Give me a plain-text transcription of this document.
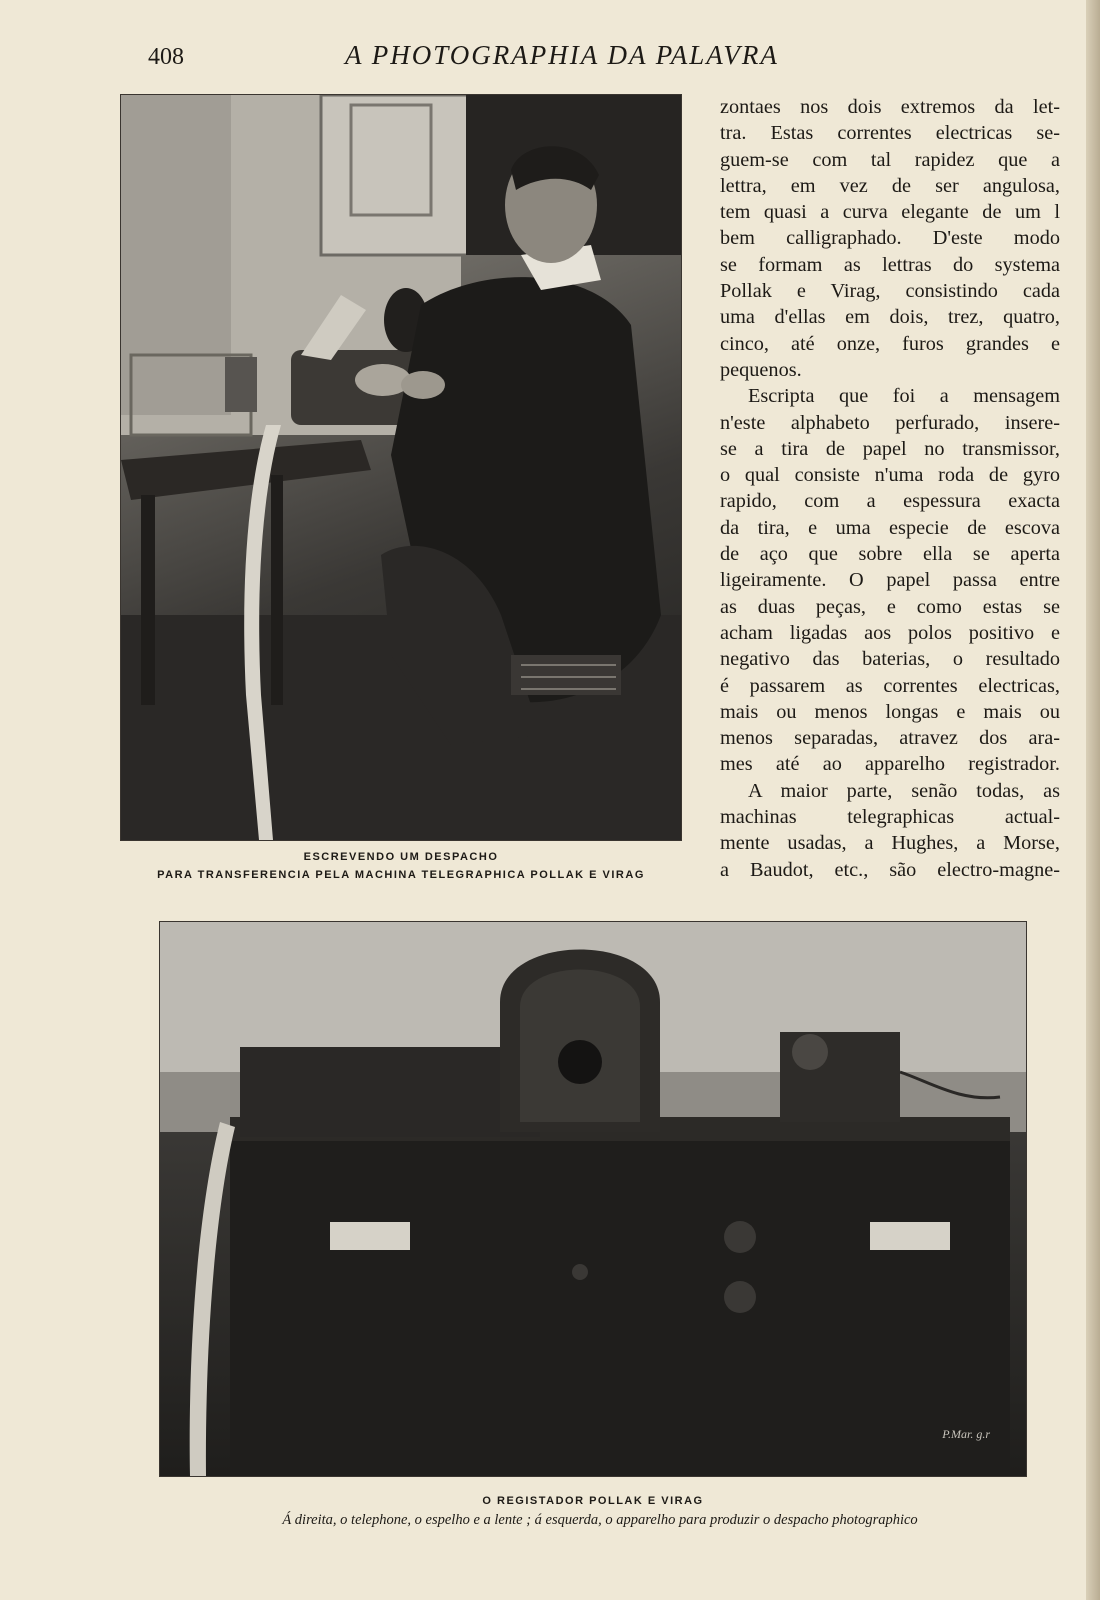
408	A PHOTOGRAPHIA DA PALAVRA
ESCREVENDO UM DESPACHO
PARA TRANSFERENCIA PELA MACHINA TELEGRAPHICA POLLAK E VIRAG
zontaes nos dois extremos da let-
tra. Estas correntes electricas se-
guem-se com tal rapidez que a
lettra, em vez de ser angulosa,
tem quasi a curva elegante de um l
bem calligraphado. D'este modo
se formam as lettras do systema
Pollak e Virag, consistindo cada
uma d'ellas em dois, trez, quatro,
cinco, até onze, furos grandes e
pequenos.
Escripta que foi a mensagem
n'este alphabeto perfurado, insere-
se a tira de papel no transmissor,
o qual consiste n'uma roda de gyro
rapido, com a espessura exacta
da tira, e uma especie de escova
de aço que sobre ella se aperta
ligeiramente. O papel passa entre
as duas peças, e como estas se
acham ligadas aos polos positivo e
negativo das baterias, o resultado
é passarem as correntes electricas,
mais ou menos longas e mais ou
menos separadas, atravez dos ara-
mes até ao apparelho registrador.
A maior parte, senão todas, as
machinas telegraphicas actual-
mente usadas, a Hughes, a Morse,
a Baudot, etc., são electro-magne-
P.Mar. g.r
O REGISTADOR POLLAK E VIRAG
Á direita, o telephone, o espelho e a lente ; á esquerda, o apparelho para produzir o despacho photographico
